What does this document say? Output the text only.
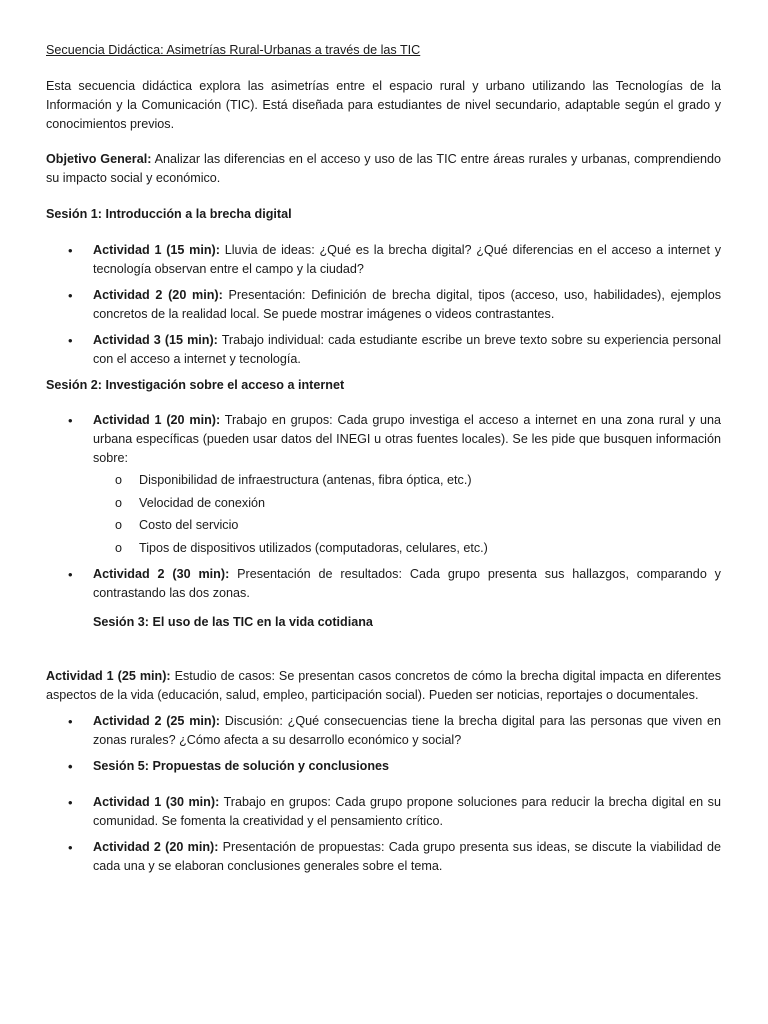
Secuencia Didáctica: Asimetrías Rural-Urbanas a través de las TIC

Esta secuencia didáctica explora las asimetrías entre el espacio rural y urbano utilizando las Tecnologías de la Información y la Comunicación (TIC). Está diseñada para estudiantes de nivel secundario, adaptable según el grado y conocimientos previos.

Objetivo General: Analizar las diferencias en el acceso y uso de las TIC entre áreas rurales y urbanas, comprendiendo su impacto social y económico.

Sesión 1: Introducción a la brecha digital

• Actividad 1 (15 min): Lluvia de ideas: ¿Qué es la brecha digital? ¿Qué diferencias en el acceso a internet y tecnología observan entre el campo y la ciudad?
• Actividad 2 (20 min): Presentación: Definición de brecha digital, tipos (acceso, uso, habilidades), ejemplos concretos de la realidad local. Se puede mostrar imágenes o videos contrastantes.
• Actividad 3 (15 min): Trabajo individual: cada estudiante escribe un breve texto sobre su experiencia personal con el acceso a internet y tecnología.

Sesión 2: Investigación sobre el acceso a internet

• Actividad 1 (20 min): Trabajo en grupos: Cada grupo investiga el acceso a internet en una zona rural y una urbana específicas (pueden usar datos del INEGI u otras fuentes locales). Se les pide que busquen información sobre:
o Disponibilidad de infraestructura (antenas, fibra óptica, etc.)
o Velocidad de conexión
o Costo del servicio
o Tipos de dispositivos utilizados (computadoras, celulares, etc.)
• Actividad 2 (30 min): Presentación de resultados: Cada grupo presenta sus hallazgos, comparando y contrastando las dos zonas.

Sesión 3: El uso de las TIC en la vida cotidiana

Actividad 1 (25 min): Estudio de casos: Se presentan casos concretos de cómo la brecha digital impacta en diferentes aspectos de la vida (educación, salud, empleo, participación social). Pueden ser noticias, reportajes o documentales.

• Actividad 2 (25 min): Discusión: ¿Qué consecuencias tiene la brecha digital para las personas que viven en zonas rurales? ¿Cómo afecta a su desarrollo económico y social?
• Sesión 5: Propuestas de solución y conclusiones
• Actividad 1 (30 min): Trabajo en grupos: Cada grupo propone soluciones para reducir la brecha digital en su comunidad. Se fomenta la creatividad y el pensamiento crítico.
• Actividad 2 (20 min): Presentación de propuestas: Cada grupo presenta sus ideas, se discute la viabilidad de cada una y se elaboran conclusiones generales sobre el tema.
